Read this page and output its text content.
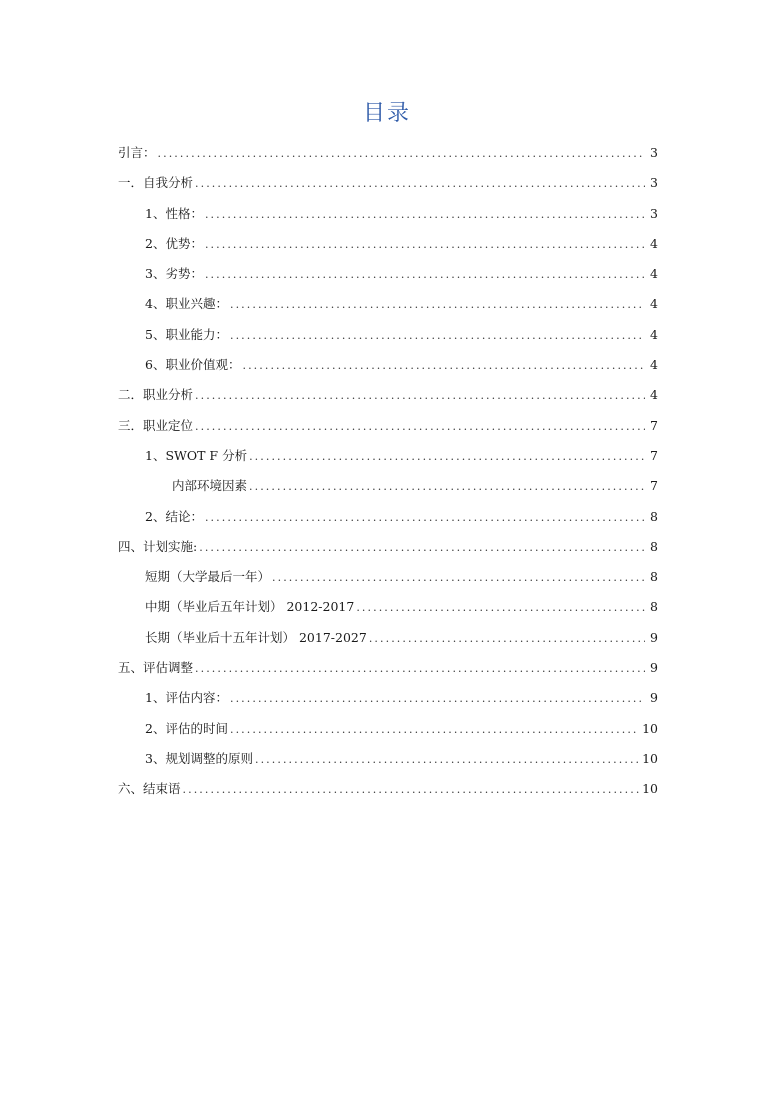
目录
引言： .....	3
一．自我分析 .....	3
1、性格： .....	3
2、优势： .....	4
3、劣势： .....	4
4、职业兴趣： .....	4
5、职业能力： .....	4
6、职业价值观： .....	4
二．职业分析 .....	4
三．职业定位 .....	7
1、SWOT F 分析 .....	7
内部环境因素 .....	7
2、结论： .....	8
四、计划实施: .....	8
短期（大学最后一年） .....	8
中期（毕业后五年计划） 2012-2017 .....	8
长期（毕业后十五年计划） 2017-2027 .....	9
五、评估调整 .....	9
1、评估内容： .....	9
2、评估的时间 .....	10
3、规划调整的原则 .....	10
六、结束语 .....	10
